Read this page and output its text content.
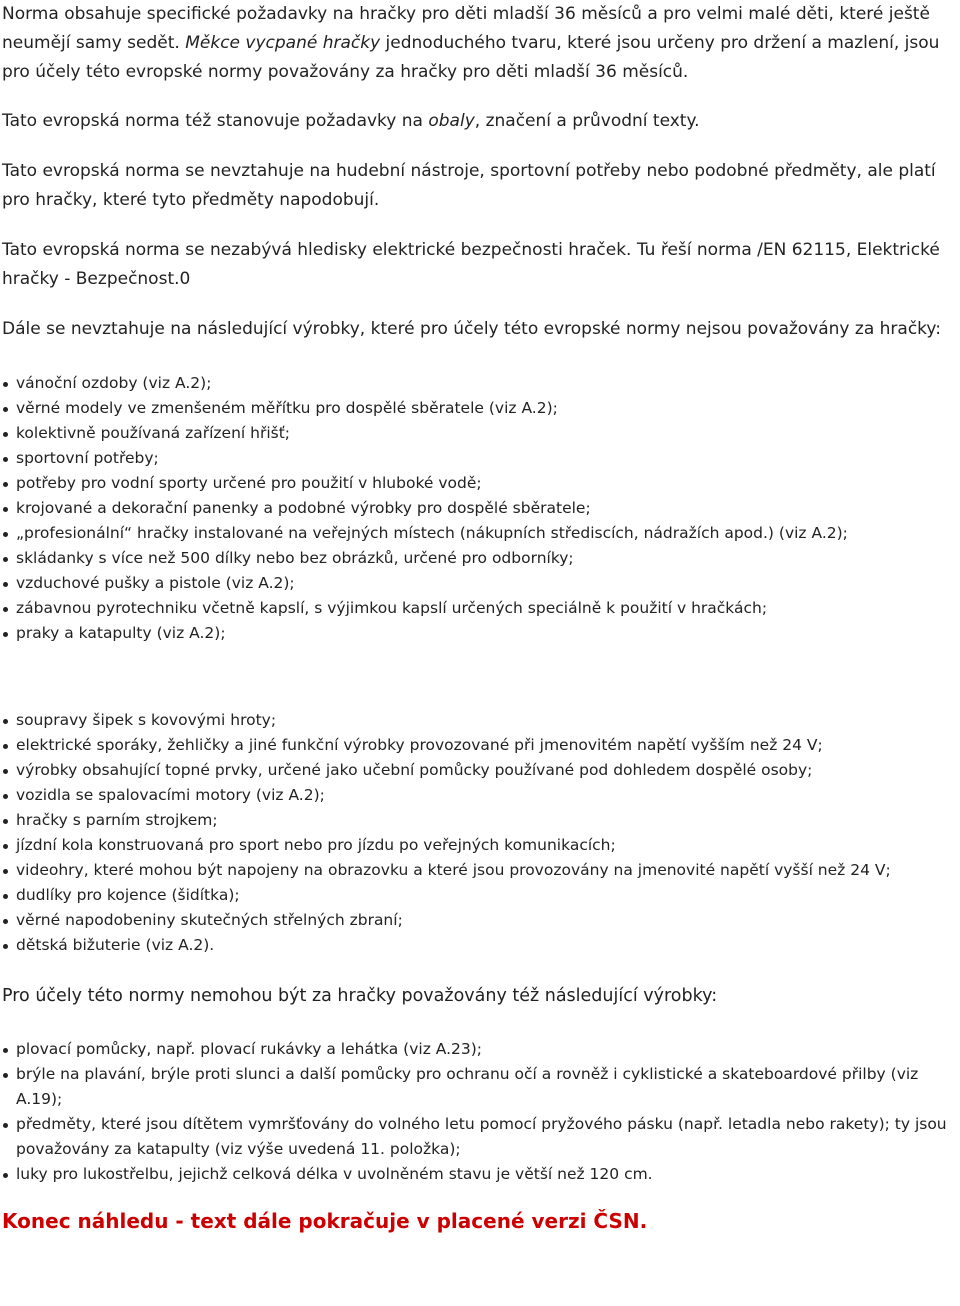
Norma obsahuje specifické požadavky na hračky pro děti mladší 36 měsíců a pro velmi malé děti, které ještě neumějí samy sedět. Měkce vycpané hračky jednoduchého tvaru, které jsou určeny pro držení a mazlení, jsou pro účely této evropské normy považovány za hračky pro děti mladší 36 měsíců.

Tato evropská norma též stanovuje požadavky na obaly, značení a průvodní texty.

Tato evropská norma se nevztahuje na hudební nástroje, sportovní potřeby nebo podobné předměty, ale platí pro hračky, které tyto předměty napodobují.

Tato evropská norma se nezabývá hledisky elektrické bezpečnosti hraček. Tu řeší norma /EN 62115, Elektrické hračky - Bezpečnost.0

Dále se nevztahuje na následující výrobky, které pro účely této evropské normy nejsou považovány za hračky:

vánoční ozdoby (viz A.2);
věrné modely ve zmenšeném měřítku pro dospělé sběratele (viz A.2);
kolektivně používaná zařízení hřišť;
sportovní potřeby;
potřeby pro vodní sporty určené pro použití v hluboké vodě;
krojované a dekorační panenky a podobné výrobky pro dospělé sběratele;
„profesionální“ hračky instalované na veřejných místech (nákupních střediscích, nádražích apod.) (viz A.2);
skládanky s více než 500 dílky nebo bez obrázků, určené pro odborníky;
vzduchové pušky a pistole (viz A.2);
zábavnou pyrotechniku včetně kapslí, s výjimkou kapslí určených speciálně k použití v hračkách;
praky a katapulty (viz A.2);
soupravy šipek s kovovými hroty;
elektrické sporáky, žehličky a jiné funkční výrobky provozované při jmenovitém napětí vyšším než 24 V;
výrobky obsahující topné prvky, určené jako učební pomůcky používané pod dohledem dospělé osoby;
vozidla se spalovacími motory (viz A.2);
hračky s parním strojkem;
jízdní kola konstruovaná pro sport nebo pro jízdu po veřejných komunikacích;
videohry, které mohou být napojeny na obrazovku a které jsou provozovány na jmenovité napětí vyšší než 24 V;
dudlíky pro kojence (šidítka);
věrné napodobeniny skutečných střelných zbraní;
dětská bižuterie (viz A.2).

Pro účely této normy nemohou být za hračky považovány též následující výrobky:

plovací pomůcky, např. plovací rukávky a lehátka (viz A.23);
brýle na plavání, brýle proti slunci a další pomůcky pro ochranu očí a rovněž i cyklistické a skateboardové přilby (viz A.19);
předměty, které jsou dítětem vymršťovány do volného letu pomocí pryžového pásku (např. letadla nebo rakety); ty jsou považovány za katapulty (viz výše uvedená 11. položka);
luky pro lukostřelbu, jejichž celková délka v uvolněném stavu je větší než 120 cm.

Konec náhledu - text dále pokračuje v placené verzi ČSN.
